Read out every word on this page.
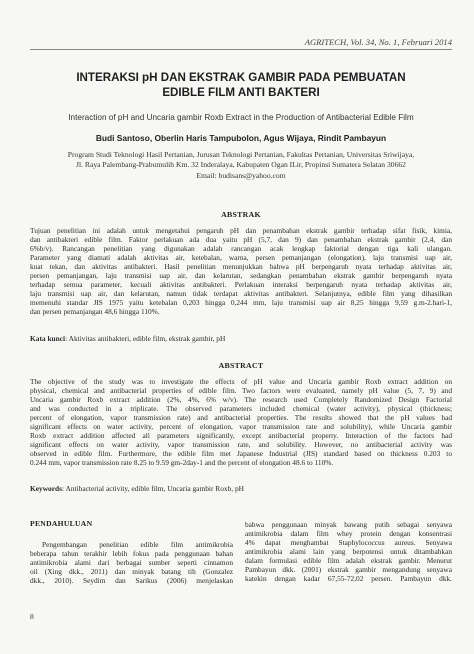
AGRITECH, Vol. 34, No. 1, Februari 2014
INTERAKSI pH DAN EKSTRAK GAMBIR PADA PEMBUATAN
EDIBLE FILM ANTI BAKTERI
Interaction of pH and Uncaria gambir Roxb Extract in the Production of Antibacterial Edible Film
Budi Santoso, Oberlin Haris Tampubolon, Agus Wijaya, Rindit Pambayun
Program Studi Teknologi Hasil Pertanian, Jurusan Teknologi Pertanian, Fakultas Pertanian, Universitas Sriwijaya,
Jl. Raya Palembang-Prabumulih Km. 32 Inderalaya, Kabupaten Ogan ILir, Propinsi Sumatera Selatan 30662
Email: budisans@yahoo.com
ABSTRAK
Tujuan penelitian ini adalah untuk mengetahui pengaruh pH dan penambahan ekstrak gambir terhadap sifat fisik, kimia,
dan antibakteri edible film. Faktor perlakuan ada dua yaitu pH (5,7, dan 9) dan penambahan ekstrak gambir (2,4, dan
6%b/v). Rancangan penelitian yang digunakan adalah rancangan acak lengkap faktorial dengan tiga kali ulangan.
Parameter yang diamati adalah aktivitas air, ketebalan, warna, persen pemanjangan (elongation), laju transmisi uap air,
kuat tekan, dan aktivitas antibakteri. Hasil penelitian menunjukkan bahwa pH berpengaruh nyata terhadap aktivitas air,
persen pemanjangan, laju transmisi uap air, dan kelarutan, sedangkan penambahan ekstrak gambir berpengaruh nyata
terhadap semua parameter, kecuali aktivitas antibakteri. Perlakuan interaksi berpengaruh nyata terhadap aktivitas air,
laju transmisi uap air, dan kelarutan, namun tidak terdapat aktivitas antibakteri. Selanjutnya, edible film yang dihasilkan
memenuhi standar JIS 1975 yaitu ketebalan 0,203 hingga 0,244 mm, laju transmisi uap air 8,25 hingga 9,59 g.m-2.hari-1,
dan persen pemanjangan 48,6 hingga 110%.
Kata kunci: Aktivitas antibakteri, edible film, ekstrak gambir, pH
ABSTRACT
The objective of the study was to investigate the effects of pH value and Uncaria gambir Roxb extract addition on
physical, chemical and antibacterial properties of edible film. Two factors were evaluated, namely pH value (5, 7, 9) and
Uncaria gambir Roxb extract addition (2%, 4%, 6% w/v). The research used Completely Randomized Design Factorial
and was conducted in a triplicate. The observed parameters included chemical (water activity), physical (thickness;
percent of elongation, vapor transmission rate) and antibacterial properties. The results showed that the pH values had
significant effects on water activity, percent of elongation, vapor transmission rate and solubility), while Uncaria gambir
Roxb extract addition affected all parameters significantly, except antibacterial property. Interaction of the factors had
significant effects on water activity, vapor transmission rate, and solubility. However, no antibacterial activity was
observed in edible film. Furthermore, the edible film met Japanese Industrial (JIS) standard based on thickness 0.203 to
0.244 mm, vapor transmission rate 8.25 to 9.59 gm-2day-1 and the percent of elongation 48.6 to 110%.
Keywords: Antibacterial activity, edible film, Uncaria gambir Roxb, pH
PENDAHULUAN
Pengembangan penelitian edible film antimikrobia
beberapa tahun terakhir lebih fokus pada penggunaan bahan
antimikrobia alami dari berbagai sumber seperti cinnamon
oil (Xing dkk., 2011) dan minyak batang tih (Gonzalez
dkk., 2010). Seydim dan Sarikus (2006) menjelaskan
bahwa penggunaan minyak bawang putih sebagai senyawa
antimikrobia dalam film whey protein dengan konsentrasi
4% dapat menghambat Staphylococcus aureus. Senyawa
antimikrobia alami lain yang berpotensi untuk ditambahkan
dalam formulasi edible film adalah ekstrak gambir. Menurut
Pambayun dkk. (2001) ekstrak gambir mengandung senyawa
katekin dengan kadar 67,55-72,02 persen. Pambayun dkk.
8
